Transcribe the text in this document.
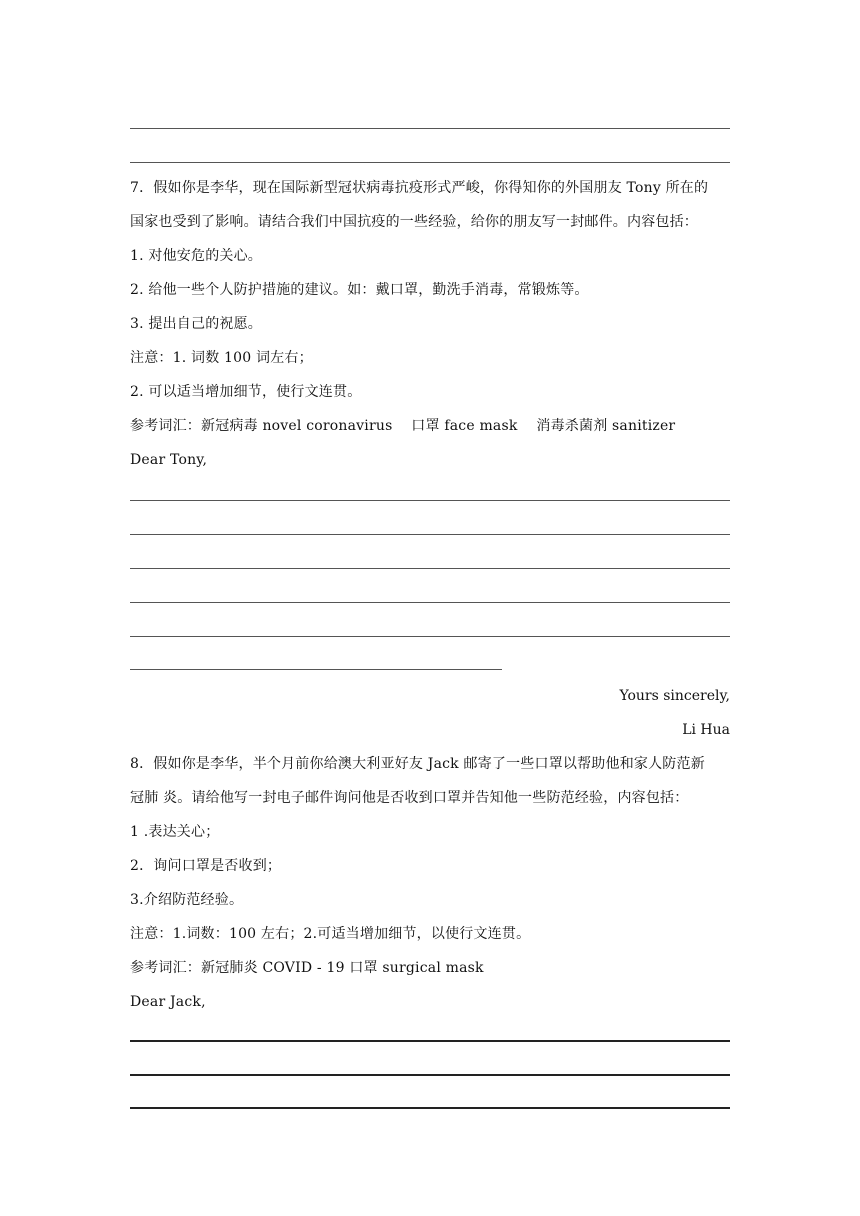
7．假如你是李华，现在国际新型冠状病毒抗疫形式严峻，你得知你的外国朋友 Tony 所在的
国家也受到了影响。请结合我们中国抗疫的一些经验，给你的朋友写一封邮件。内容包括：
1. 对他安危的关心。
2. 给他一些个人防护措施的建议。如：戴口罩，勤洗手消毒，常锻炼等。
3. 提出自己的祝愿。
注意：1. 词数 100 词左右；
2. 可以适当增加细节，使行文连贯。
参考词汇：新冠病毒 novel coronavirus　 口罩 face mask　 消毒杀菌剂 sanitizer
Dear Tony,
Yours sincerely,
Li Hua
8．假如你是李华，半个月前你给澳大利亚好友 Jack 邮寄了一些口罩以帮助他和家人防范新
冠肺 炎。请给他写一封电子邮件询问他是否收到口罩并告知他一些防范经验，内容包括：
1 .表达关心；
2．询问口罩是否收到；
3.介绍防范经验。
注意：1.词数：100 左右；2.可适当增加细节，以使行文连贯。
参考词汇：新冠肺炎 COVID - 19 口罩 surgical mask
Dear Jack,
